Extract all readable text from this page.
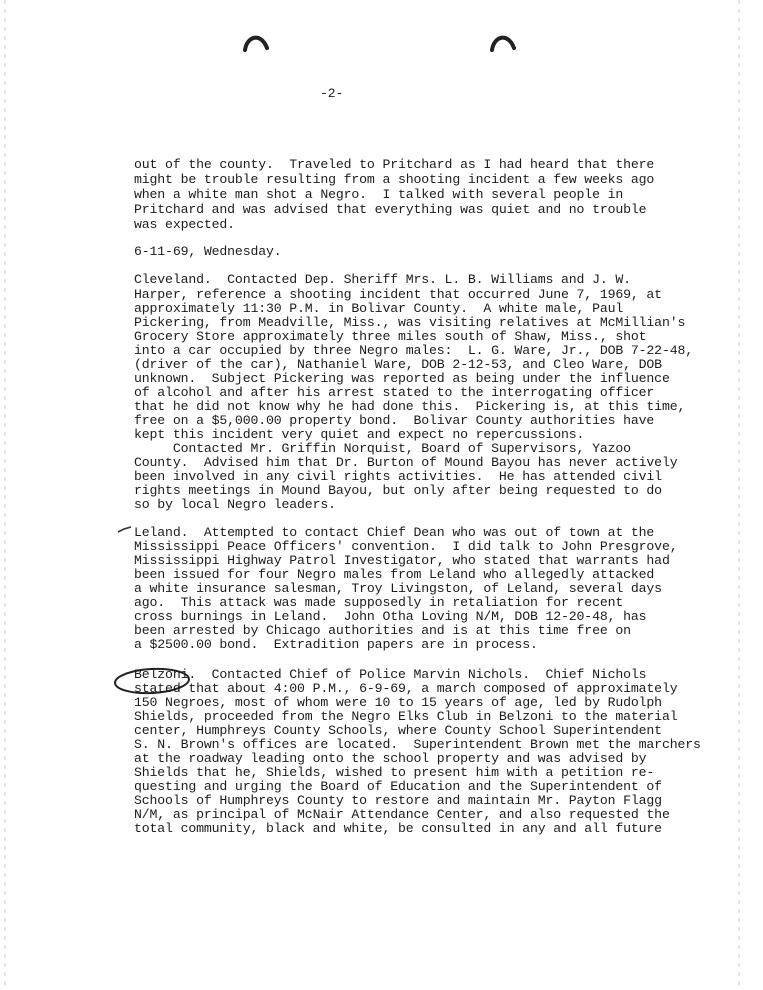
-2-
out of the county.  Traveled to Pritchard as I had heard that there
might be trouble resulting from a shooting incident a few weeks ago
when a white man shot a Negro.  I talked with several people in
Pritchard and was advised that everything was quiet and no trouble
was expected.
6-11-69, Wednesday.
Cleveland.  Contacted Dep. Sheriff Mrs. L. B. Williams and J. W.
Harper, reference a shooting incident that occurred June 7, 1969, at
approximately 11:30 P.M. in Bolivar County.  A white male, Paul
Pickering, from Meadville, Miss., was visiting relatives at McMillian's
Grocery Store approximately three miles south of Shaw, Miss., shot
into a car occupied by three Negro males:  L. G. Ware, Jr., DOB 7-22-48,
(driver of the car), Nathaniel Ware, DOB 2-12-53, and Cleo Ware, DOB
unknown.  Subject Pickering was reported as being under the influence
of alcohol and after his arrest stated to the interrogating officer
that he did not know why he had done this.  Pickering is, at this time,
free on a $5,000.00 property bond.  Bolivar County authorities have
kept this incident very quiet and expect no repercussions.
Contacted Mr. Griffin Norquist, Board of Supervisors, Yazoo
County.  Advised him that Dr. Burton of Mound Bayou has never actively
been involved in any civil rights activities.  He has attended civil
rights meetings in Mound Bayou, but only after being requested to do
so by local Negro leaders.
Leland.  Attempted to contact Chief Dean who was out of town at the
Mississippi Peace Officers' convention.  I did talk to John Presgrove,
Mississippi Highway Patrol Investigator, who stated that warrants had
been issued for four Negro males from Leland who allegedly attacked
a white insurance salesman, Troy Livingston, of Leland, several days
ago.  This attack was made supposedly in retaliation for recent
cross burnings in Leland.  John Otha Loving N/M, DOB 12-20-48, has
been arrested by Chicago authorities and is at this time free on
a $2500.00 bond.  Extradition papers are in process.
Belzoni.  Contacted Chief of Police Marvin Nichols.  Chief Nichols
stated that about 4:00 P.M., 6-9-69, a march composed of approximately
150 Negroes, most of whom were 10 to 15 years of age, led by Rudolph
Shields, proceeded from the Negro Elks Club in Belzoni to the material
center, Humphreys County Schools, where County School Superintendent
S. N. Brown's offices are located.  Superintendent Brown met the marchers
at the roadway leading onto the school property and was advised by
Shields that he, Shields, wished to present him with a petition re-
questing and urging the Board of Education and the Superintendent of
Schools of Humphreys County to restore and maintain Mr. Payton Flagg
N/M, as principal of McNair Attendance Center, and also requested the
total community, black and white, be consulted in any and all future
